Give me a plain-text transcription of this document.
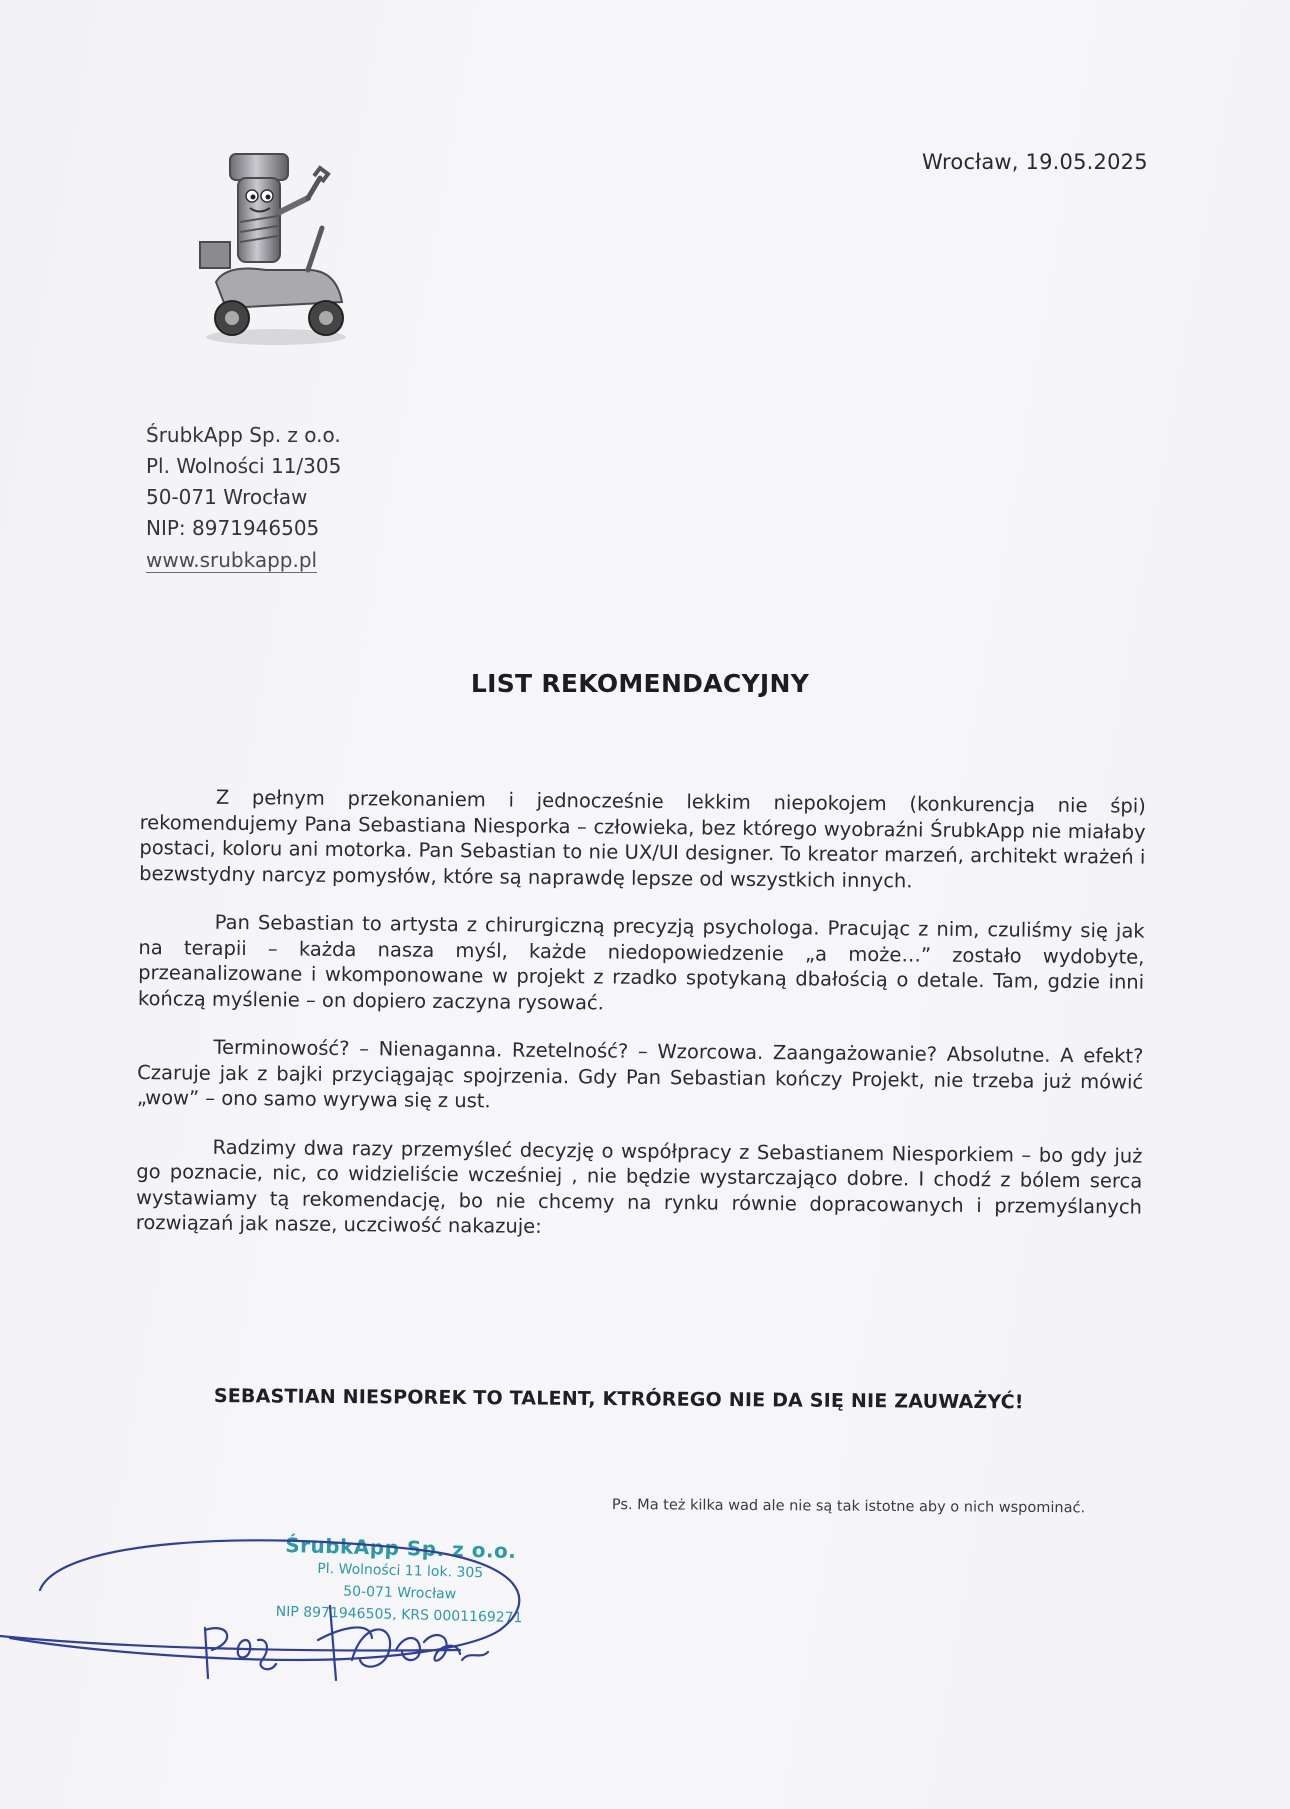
Wrocław, 19.05.2025
ŚrubkApp Sp. z o.o.
Pl. Wolności 11/305
50-071 Wrocław
NIP: 8971946505
www.srubkapp.pl
LIST REKOMENDACYJNY

Z pełnym przekonaniem i jednocześnie lekkim niepokojem (konkurencja nie śpi) rekomendujemy Pana Sebastiana Niesporka – człowieka, bez którego wyobraźni ŚrubkApp nie miałaby postaci, koloru ani motorka. Pan Sebastian to nie UX/UI designer. To kreator marzeń, architekt wrażeń i bezwstydny narcyz pomysłów, które są naprawdę lepsze od wszystkich innych.

Pan Sebastian to artysta z chirurgiczną precyzją psychologa. Pracując z nim, czuliśmy się jak na terapii – każda nasza myśl, każde niedopowiedzenie „a może…” zostało wydobyte, przeanalizowane i wkomponowane w projekt z rzadko spotykaną dbałością o detale. Tam, gdzie inni kończą myślenie – on dopiero zaczyna rysować.

Terminowość? – Nienaganna. Rzetelność? – Wzorcowa. Zaangażowanie? Absolutne. A efekt? Czaruje jak z bajki przyciągając spojrzenia. Gdy Pan Sebastian kończy Projekt, nie trzeba już mówić „wow” – ono samo wyrywa się z ust.

Radzimy dwa razy przemyśleć decyzję o współpracy z Sebastianem Niesporkiem – bo gdy już go poznacie, nic, co widzieliście wcześniej , nie będzie wystarczająco dobre. I chodź z bólem serca wystawiamy tą rekomendację, bo nie chcemy na rynku równie dopracowanych i przemyślanych rozwiązań jak nasze, uczciwość nakazuje:

SEBASTIAN NIESPOREK TO TALENT, KTRÓREGO NIE DA SIĘ NIE ZAUWAŻYĆ!
Ps. Ma też kilka wad ale nie są tak istotne aby o nich wspominać.
ŚrubkApp Sp. z o.o.
Pl. Wolności 11 lok. 305
50-071 Wrocław
NIP 8971946505, KRS 0001169271
